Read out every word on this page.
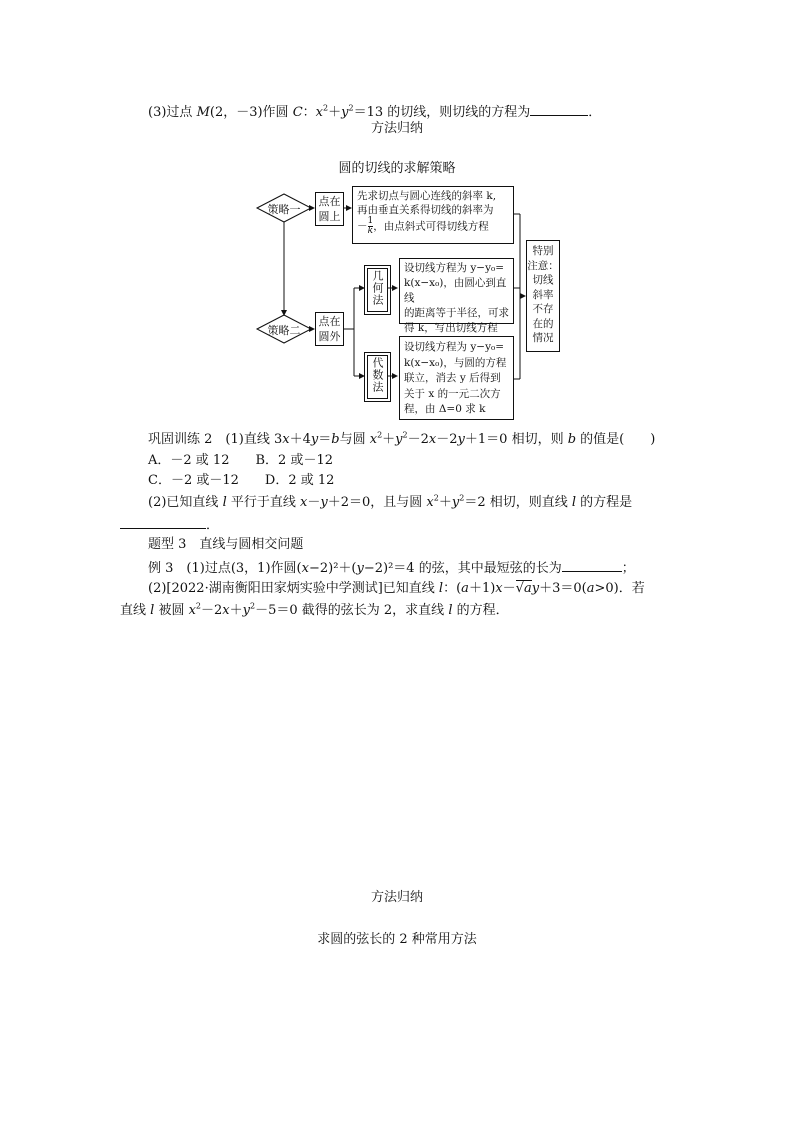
(3)过点 M(2，－3)作圆 C：$x^2+y^2=13$ 的切线，则切线的方程为	．
方法归纳
圆的切线的求解策略
策略一
策略二
点在
圆上
点在
圆外
先求切点与圆心连线的斜率 k,
再由垂直关系得切线的斜率为
－ $\frac{1}{k}$ ，由点斜式可得切线方程
几何法
代数法
设切线方程为 y−y₀=
k(x−x₀)，由圆心到直线
的距离等于半径，可求
得 k，写出切线方程
设切线方程为 y−y₀=
k(x−x₀)，与圆的方程
联立，消去 y 后得到
关于 x 的一元二次方
程，由 Δ=0 求 k
特别
注意：
切线
斜率
不存
在的
情况
巩固训练 2　 (1)直线 3x＋4y＝b与圆 $x^2+y^2-2x-2y+1=0$ 相切，则 b 的值是(　　)
A．－2 或 12　　 B．2 或－12
C．－2 或－12　　 D．2 或 12
(2)已知直线 l 平行于直线 x－y＋2＝0，且与圆 $x^2+y^2=2$ 相切，则直线 l 的方程是
．
题型 3　直线与圆相交问题
例 3　 (1)过点(3，1)作圆(x−2)²＋(y−2)²＝4 的弦，其中最短弦的长为	；
(2)[2022·湖南衡阳田家炳实验中学测试]已知直线 l：(a＋1)x－√ay＋3＝0(a>0)．若
直线 l 被圆 $x^2-2x+y^2-5=0$ 截得的弦长为 2，求直线 l 的方程．
方法归纳
求圆的弦长的 2 种常用方法
